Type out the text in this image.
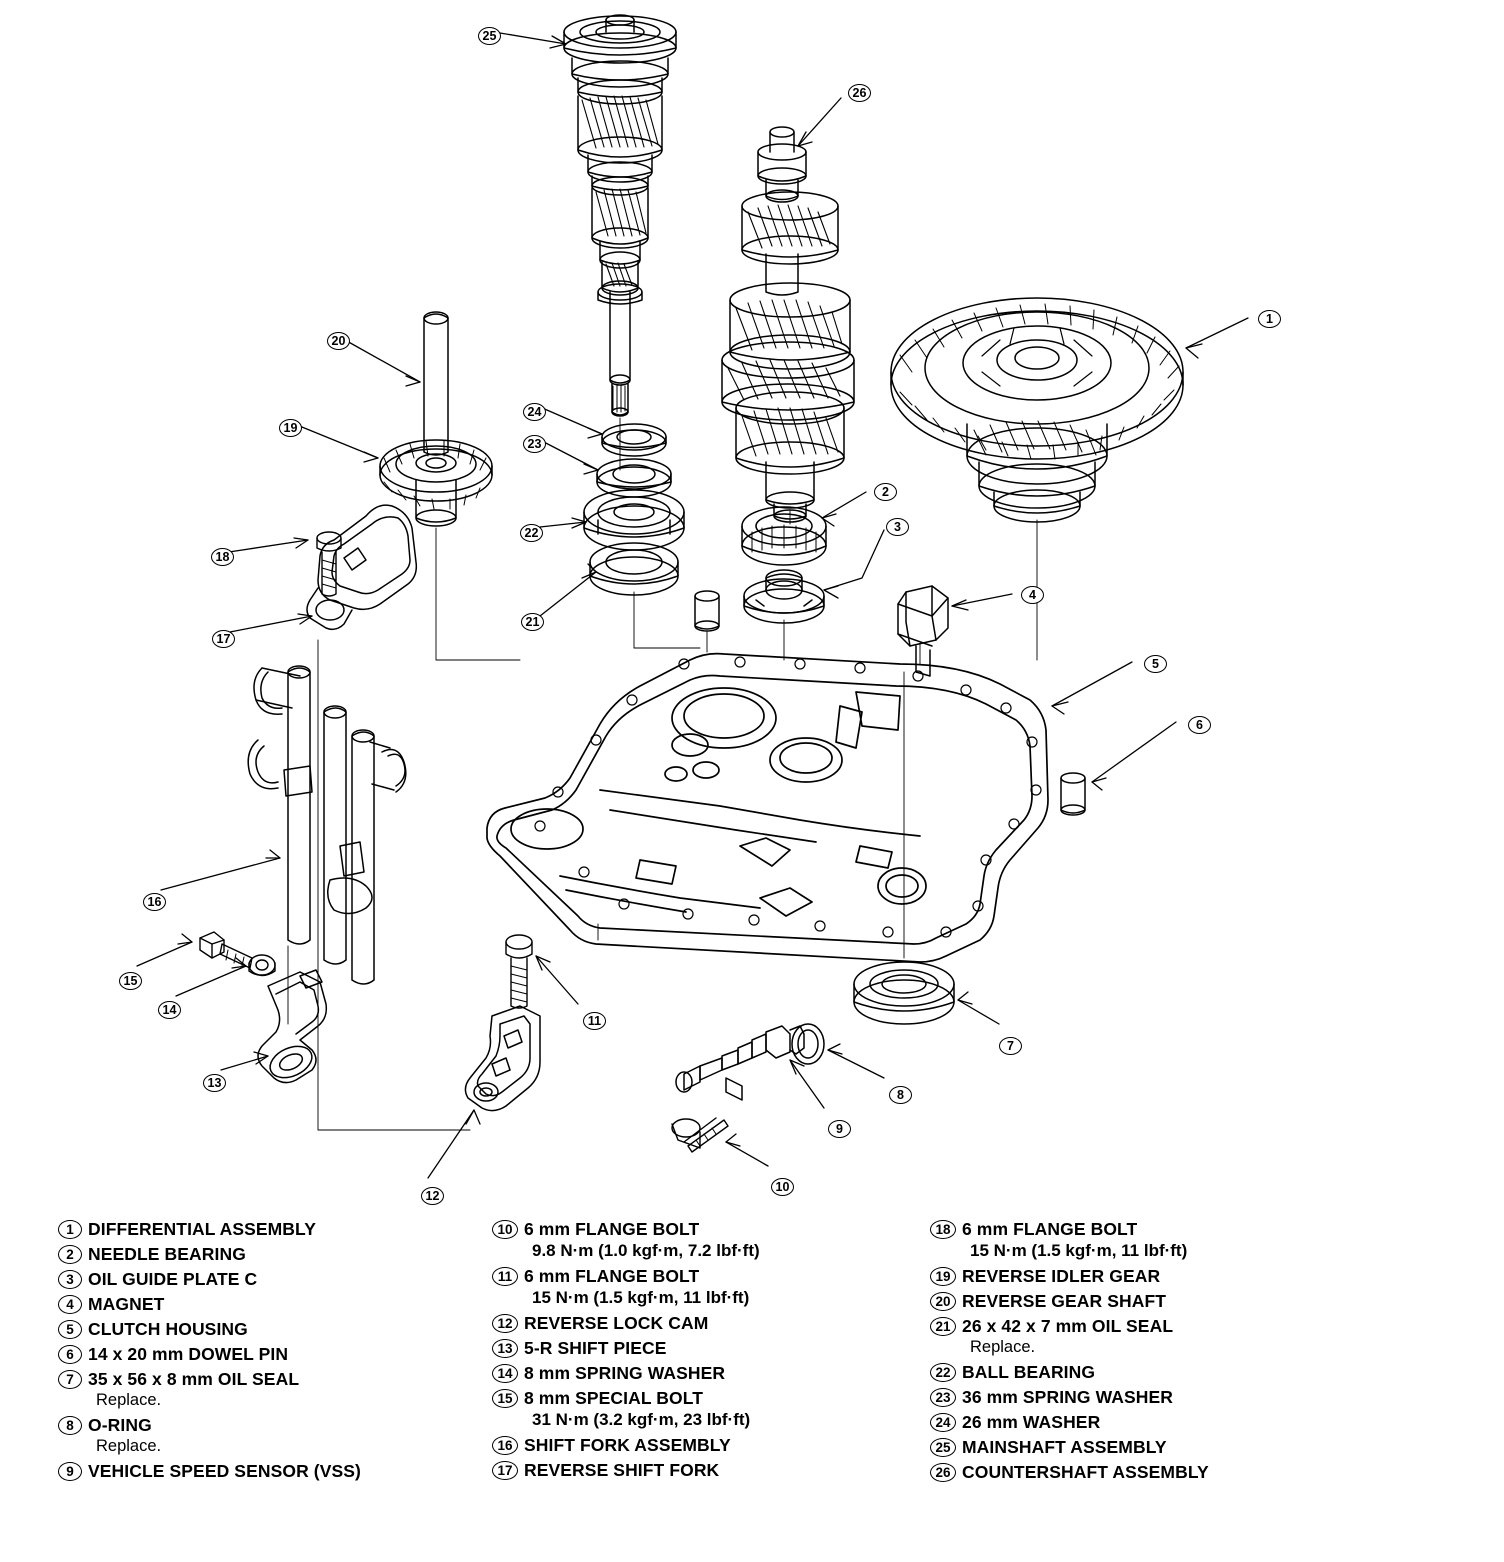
1
2
3
4
5
6
7
8
9
10
11
12
13
14
15
16
17
18
19
20
21
22
23
24
25
26
1 DIFFERENTIAL ASSEMBLY
2 NEEDLE BEARING
3 OIL GUIDE PLATE C
4 MAGNET
5 CLUTCH HOUSING
6 14 x 20 mm DOWEL PIN
7 35 x 56 x 8 mm OIL SEAL
Replace.
8 O-RING
Replace.
9 VEHICLE SPEED SENSOR (VSS)
10 6 mm FLANGE BOLT
9.8 N·m (1.0 kgf·m, 7.2 lbf·ft)
11 6 mm FLANGE BOLT
15 N·m (1.5 kgf·m, 11 lbf·ft)
12 REVERSE LOCK CAM
13 5-R SHIFT PIECE
14 8 mm SPRING WASHER
15 8 mm SPECIAL BOLT
31 N·m (3.2 kgf·m, 23 lbf·ft)
16 SHIFT FORK ASSEMBLY
17 REVERSE SHIFT FORK
18 6 mm FLANGE BOLT
15 N·m (1.5 kgf·m, 11 lbf·ft)
19 REVERSE IDLER GEAR
20 REVERSE GEAR SHAFT
21 26 x 42 x 7 mm OIL SEAL
Replace.
22 BALL BEARING
23 36 mm SPRING WASHER
24 26 mm WASHER
25 MAINSHAFT ASSEMBLY
26 COUNTERSHAFT ASSEMBLY
